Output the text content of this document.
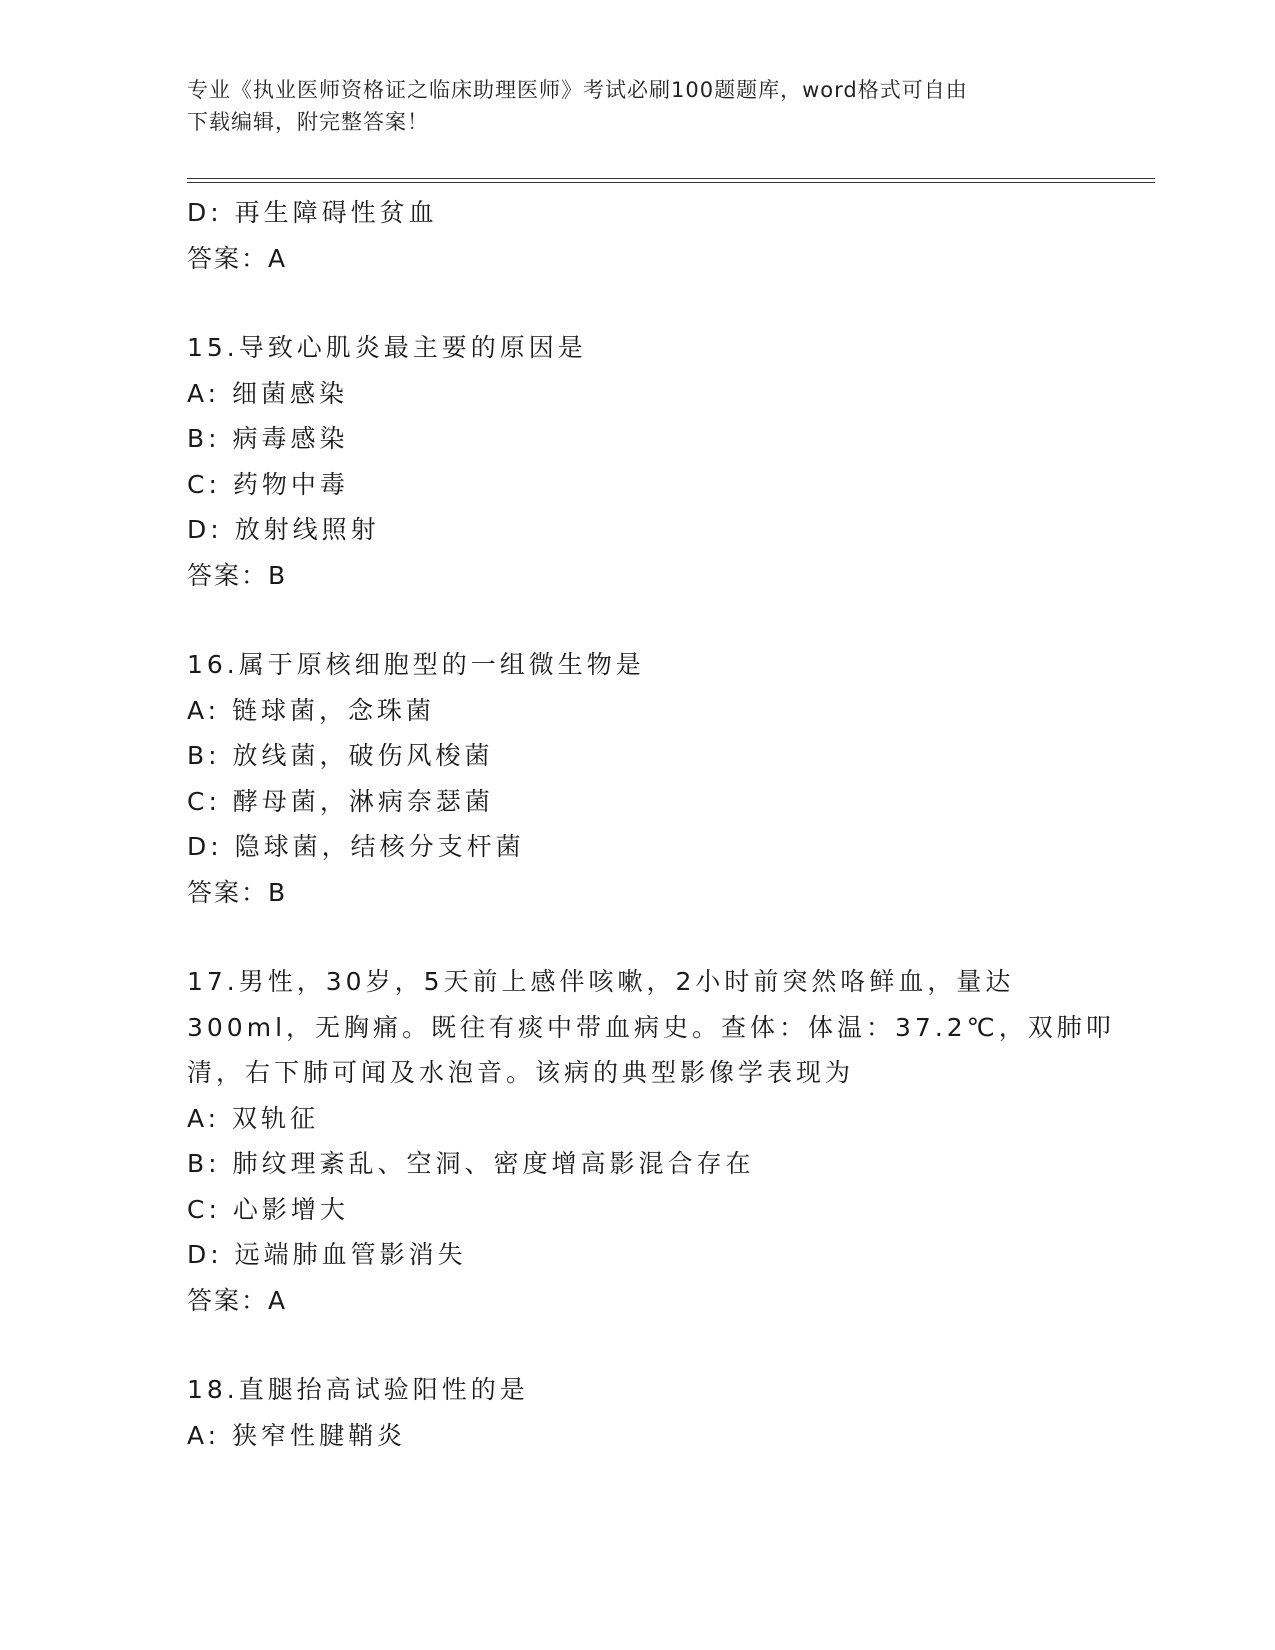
专业《执业医师资格证之临床助理医师》考试必刷100题题库，word格式可自由
下载编辑，附完整答案！
D: 再生障碍性贫血
答案：A
15.导致心肌炎最主要的原因是
A: 细菌感染
B: 病毒感染
C: 药物中毒
D: 放射线照射
答案：B
16.属于原核细胞型的一组微生物是
A: 链球菌，念珠菌
B: 放线菌，破伤风梭菌
C: 酵母菌，淋病奈瑟菌
D: 隐球菌，结核分支杆菌
答案：B
17.男性，30岁，5天前上感伴咳嗽，2小时前突然咯鲜血，量达
300ml，无胸痛。既往有痰中带血病史。查体：体温：37.2℃，双肺叩
清，右下肺可闻及水泡音。该病的典型影像学表现为
A: 双轨征
B: 肺纹理紊乱、空洞、密度增高影混合存在
C: 心影增大
D: 远端肺血管影消失
答案：A
18.直腿抬高试验阳性的是
A: 狭窄性腱鞘炎
